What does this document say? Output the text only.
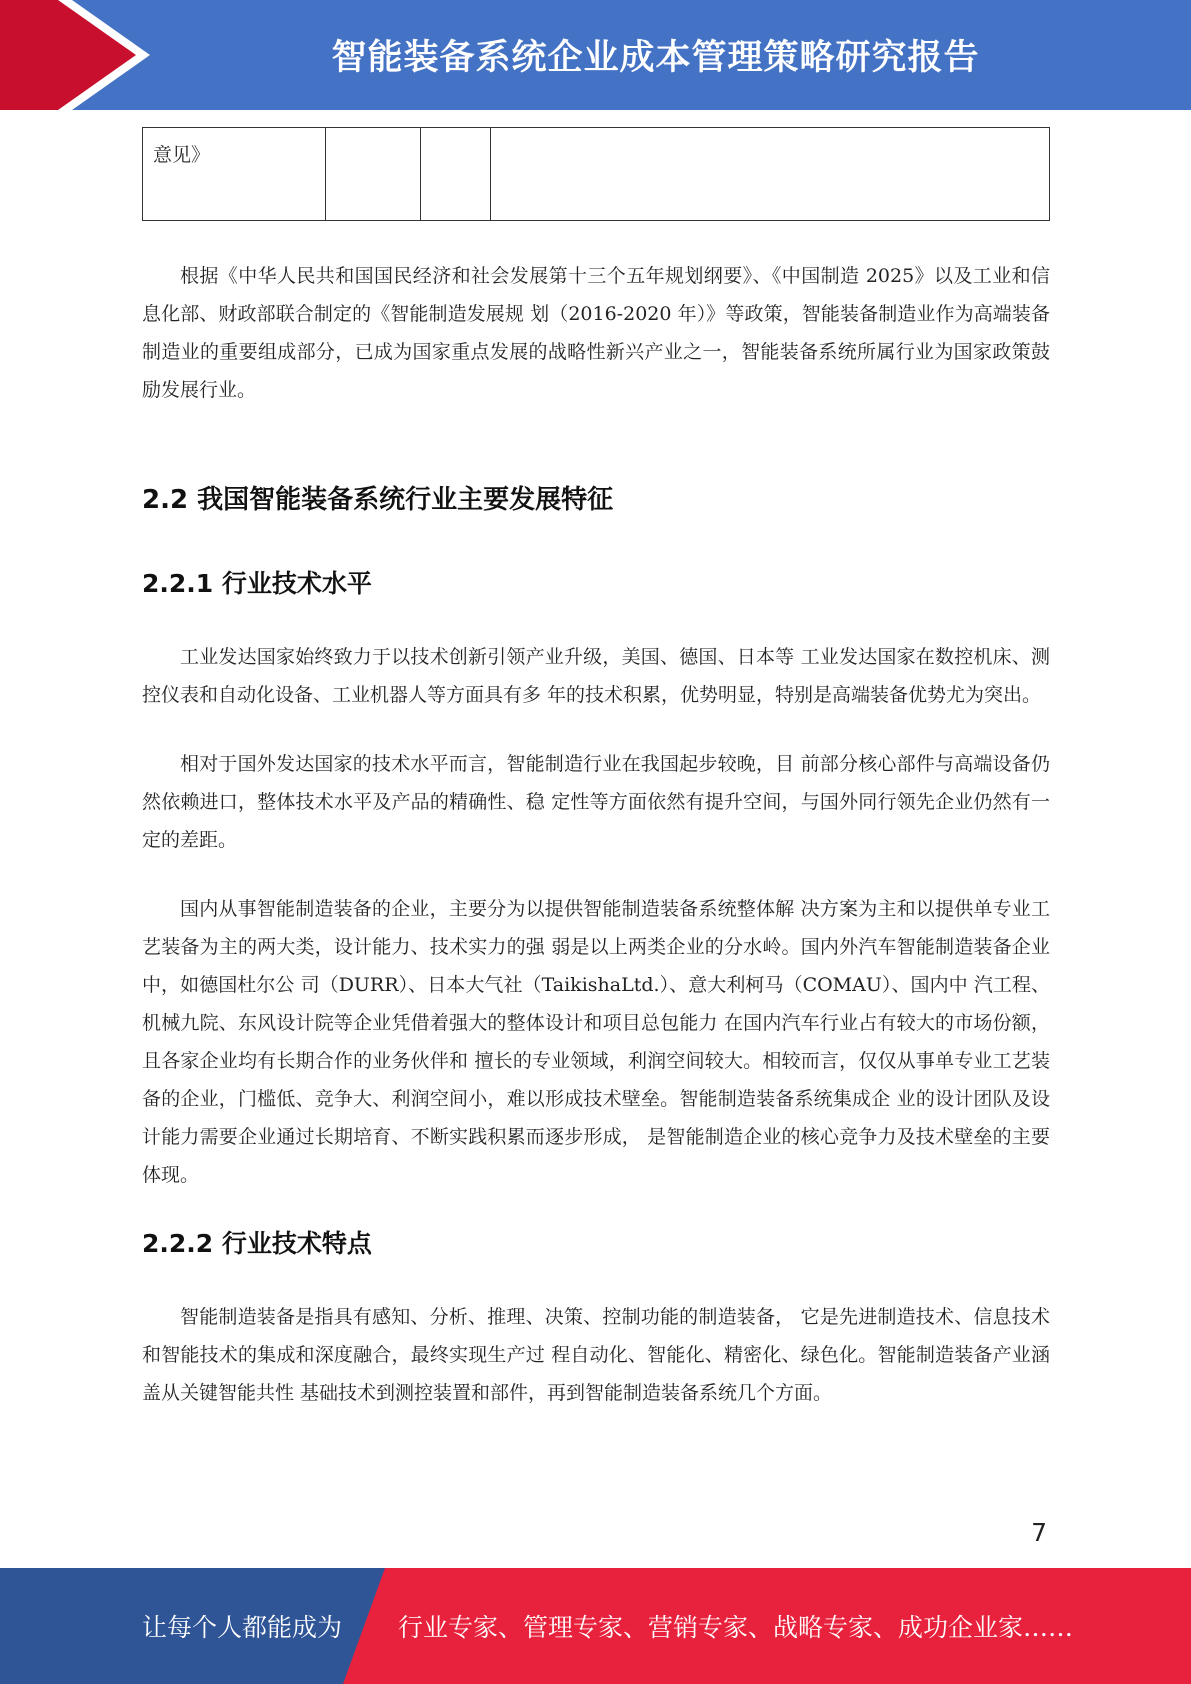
智能装备系统企业成本管理策略研究报告
意见》			

根据《中华人民共和国国民经济和社会发展第十三个五年规划纲要》、《中国制造 2025》以及工业和信息化部、财政部联合制定的《智能制造发展规 划（2016-2020 年）》等政策，智能装备制造业作为高端装备制造业的重要组成部分，已成为国家重点发展的战略性新兴产业之一，智能装备系统所属行业为国家政策鼓励发展行业。

2.2 我国智能装备系统行业主要发展特征
2.2.1 行业技术水平

工业发达国家始终致力于以技术创新引领产业升级，美国、德国、日本等 工业发达国家在数控机床、测控仪表和自动化设备、工业机器人等方面具有多 年的技术积累，优势明显，特别是高端装备优势尤为突出。

相对于国外发达国家的技术水平而言，智能制造行业在我国起步较晚，目 前部分核心部件与高端设备仍然依赖进口，整体技术水平及产品的精确性、稳 定性等方面依然有提升空间，与国外同行领先企业仍然有一定的差距。

国内从事智能制造装备的企业，主要分为以提供智能制造装备系统整体解 决方案为主和以提供单专业工艺装备为主的两大类，设计能力、技术实力的强 弱是以上两类企业的分水岭。国内外汽车智能制造装备企业中，如德国杜尔公 司（DURR）、日本大气社（TaikishaLtd.）、意大利柯马（COMAU）、国内中 汽工程、机械九院、东风设计院等企业凭借着强大的整体设计和项目总包能力 在国内汽车行业占有较大的市场份额，且各家企业均有长期合作的业务伙伴和 擅长的专业领域，利润空间较大。相较而言，仅仅从事单专业工艺装备的企业，门槛低、竞争大、利润空间小，难以形成技术壁垒。智能制造装备系统集成企 业的设计团队及设计能力需要企业通过长期培育、不断实践积累而逐步形成， 是智能制造企业的核心竞争力及技术壁垒的主要体现。

2.2.2 行业技术特点

智能制造装备是指具有感知、分析、推理、决策、控制功能的制造装备， 它是先进制造技术、信息技术和智能技术的集成和深度融合，最终实现生产过 程自动化、智能化、精密化、绿色化。智能制造装备产业涵盖从关键智能共性 基础技术到测控装置和部件，再到智能制造装备系统几个方面。

7
让每个人都能成为 行业专家、管理专家、营销专家、战略专家、成功企业家……
